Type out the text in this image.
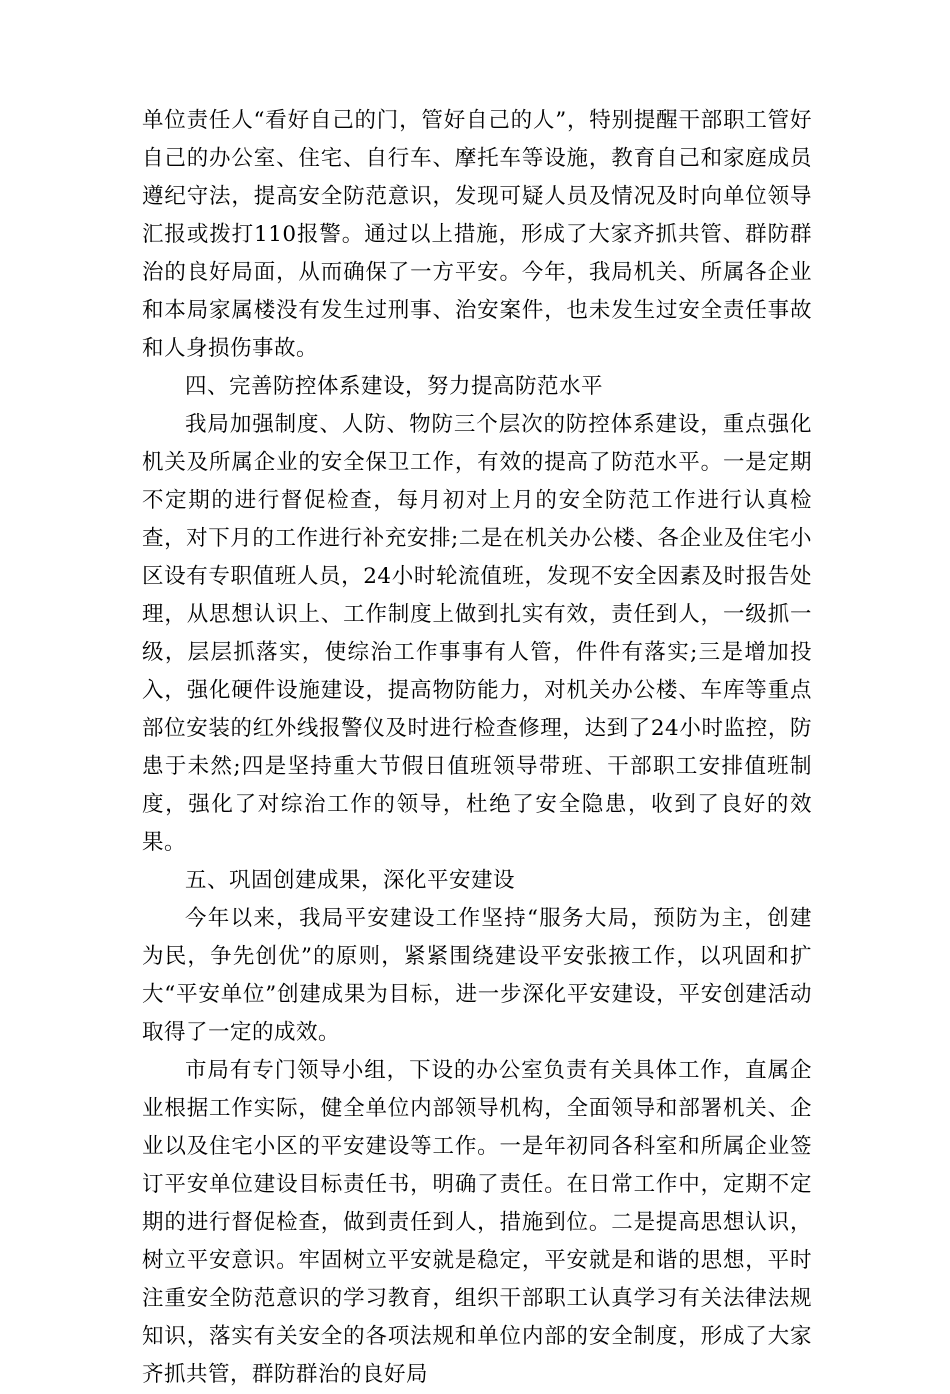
单位责任人“看好自己的门，管好自己的人”，特别提醒干部职工管好自己的办公室、住宅、自行车、摩托车等设施，教育自己和家庭成员遵纪守法，提高安全防范意识，发现可疑人员及情况及时向单位领导汇报或拨打110报警。通过以上措施，形成了大家齐抓共管、群防群治的良好局面，从而确保了一方平安。今年，我局机关、所属各企业和本局家属楼没有发生过刑事、治安案件，也未发生过安全责任事故和人身损伤事故。

四、完善防控体系建设，努力提高防范水平

我局加强制度、人防、物防三个层次的防控体系建设，重点强化机关及所属企业的安全保卫工作，有效的提高了防范水平。一是定期不定期的进行督促检查，每月初对上月的安全防范工作进行认真检查，对下月的工作进行补充安排;二是在机关办公楼、各企业及住宅小区设有专职值班人员，24小时轮流值班，发现不安全因素及时报告处理，从思想认识上、工作制度上做到扎实有效，责任到人，一级抓一级，层层抓落实，使综治工作事事有人管，件件有落实;三是增加投入，强化硬件设施建设，提高物防能力，对机关办公楼、车库等重点部位安装的红外线报警仪及时进行检查修理，达到了24小时监控，防患于未然;四是坚持重大节假日值班领导带班、干部职工安排值班制度，强化了对综治工作的领导，杜绝了安全隐患，收到了良好的效果。

五、巩固创建成果，深化平安建设

今年以来，我局平安建设工作坚持“服务大局，预防为主，创建为民，争先创优”的原则，紧紧围绕建设平安张掖工作，以巩固和扩大“平安单位”创建成果为目标，进一步深化平安建设，平安创建活动取得了一定的成效。

市局有专门领导小组，下设的办公室负责有关具体工作，直属企业根据工作实际，健全单位内部领导机构，全面领导和部署机关、企业以及住宅小区的平安建设等工作。一是年初同各科室和所属企业签订平安单位建设目标责任书，明确了责任。在日常工作中，定期不定期的进行督促检查，做到责任到人，措施到位。二是提高思想认识，树立平安意识。牢固树立平安就是稳定，平安就是和谐的思想，平时注重安全防范意识的学习教育，组织干部职工认真学习有关法律法规知识，落实有关安全的各项法规和单位内部的安全制度，形成了大家齐抓共管，群防群治的良好局
